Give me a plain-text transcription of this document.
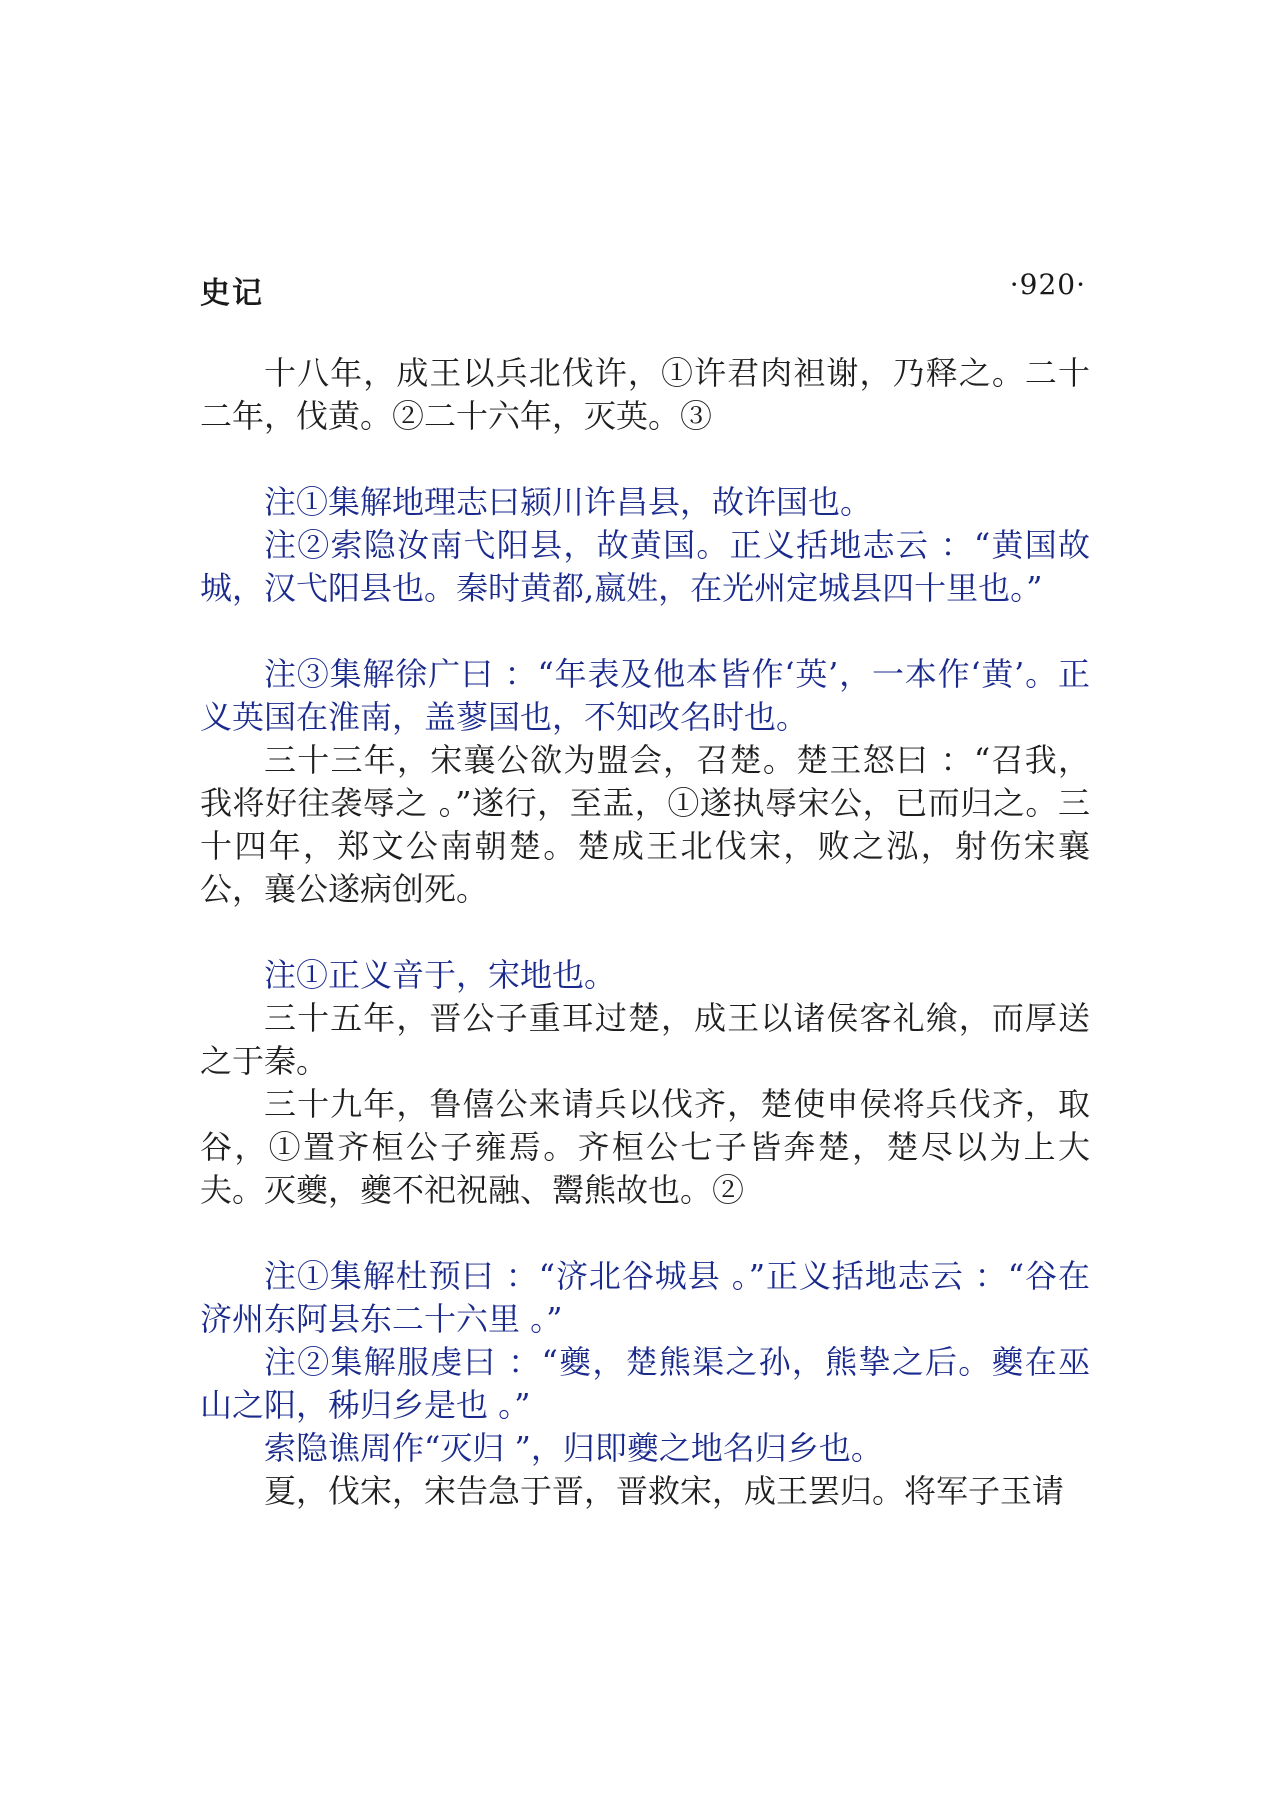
史记	·920·

十八年，成王以兵北伐许，①许君肉袒谢，乃释之。二十二年，伐黄。②二十六年，灭英。③

注①集解地理志曰颍川许昌县，故许国也。

注②索隐汝南弋阳县，故黄国。正义括地志云 ：“黄国故城，汉弋阳县也。秦时黄都,嬴姓，在光州定城县四十里也。”

注③集解徐广曰 ：“年表及他本皆作‘英’，一本作‘黄’。正义英国在淮南，盖蓼国也，不知改名时也。

三十三年，宋襄公欲为盟会，召楚。楚王怒曰 ：“召我，我将好往袭辱之 。”遂行，至盂，①遂执辱宋公，已而归之。三十四年，郑文公南朝楚。楚成王北伐宋，败之泓，射伤宋襄公，襄公遂病创死。

注①正义音于，宋地也。

三十五年，晋公子重耳过楚，成王以诸侯客礼飨，而厚送之于秦。

三十九年，鲁僖公来请兵以伐齐，楚使申侯将兵伐齐，取谷，①置齐桓公子雍焉。齐桓公七子皆奔楚，楚尽以为上大夫。灭夔，夔不祀祝融、鬻熊故也。②

注①集解杜预曰 ：“济北谷城县 。”正义括地志云 ：“谷在济州东阿县东二十六里 。”

注②集解服虔曰 ：“夔，楚熊渠之孙，熊挚之后。夔在巫山之阳，秭归乡是也 。”

索隐谯周作“灭归 ”，归即夔之地名归乡也。

夏，伐宋，宋告急于晋，晋救宋，成王罢归。将军子玉请
